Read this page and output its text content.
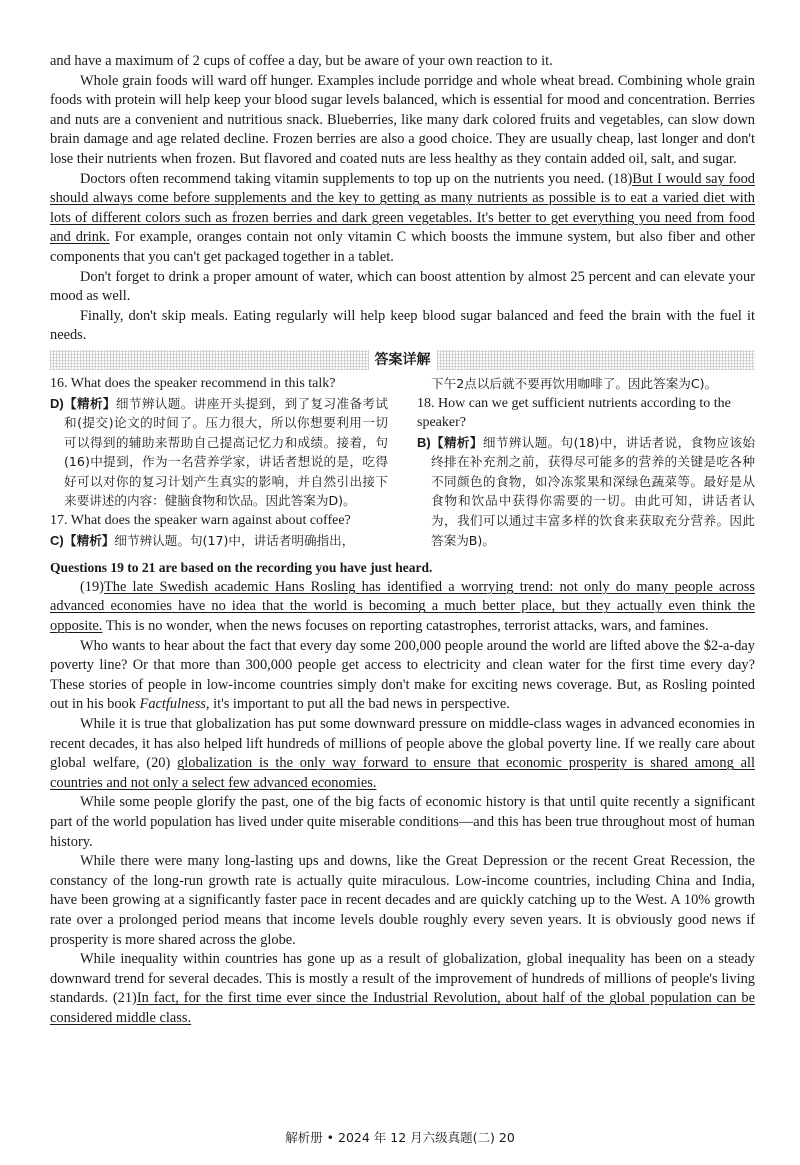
and have a maximum of 2 cups of coffee a day, but be aware of your own reaction to it.

Whole grain foods will ward off hunger. Examples include porridge and whole wheat bread. Combining whole grain foods with protein will help keep your blood sugar levels balanced, which is essential for mood and concentration. Berries and nuts are a convenient and nutritious snack. Blueberries, like many dark colored fruits and vegetables, can slow down brain damage and age related decline. Frozen berries are also a good choice. They are usually cheap, last longer and don't lose their nutrients when frozen. But flavored and coated nuts are less healthy as they contain added oil, salt, and sugar.

Doctors often recommend taking vitamin supplements to top up on the nutrients you need. (18)But I would say food should always come before supplements and the key to getting as many nutrients as possible is to eat a varied diet with lots of different colors such as frozen berries and dark green vegetables. It's better to get everything you need from food and drink. For example, oranges contain not only vitamin C which boosts the immune system, but also fiber and other components that you can't get packaged together in a tablet.

Don't forget to drink a proper amount of water, which can boost attention by almost 25 percent and can elevate your mood as well.

Finally, don't skip meals. Eating regularly will help keep blood sugar balanced and feed the brain with the fuel it needs.

答案详解
16. What does the speaker recommend in this talk?
D) 【精析】细节辨认题。讲座开头提到，到了复习准备考试和(提交)论文的时间了。压力很大，所以你想要利用一切可以得到的辅助来帮助自己提高记忆力和成绩。接着，句(16)中提到，作为一名营养学家，讲话者想说的是，吃得好可以对你的复习计划产生真实的影响，并自然引出接下来要讲述的内容：健脑食物和饮品。因此答案为D)。
17. What does the speaker warn against about coffee?
C) 【精析】细节辨认题。句(17)中，讲话者明确指出，
下午2点以后就不要再饮用咖啡了。因此答案为C)。
18. How can we get sufficient nutrients according to the speaker?
B) 【精析】细节辨认题。句(18)中，讲话者说，食物应该始终排在补充剂之前，获得尽可能多的营养的关键是吃各种不同颜色的食物，如冷冻浆果和深绿色蔬菜等。最好是从食物和饮品中获得你需要的一切。由此可知，讲话者认为，我们可以通过丰富多样的饮食来获取充分营养。因此答案为B)。
Questions 19 to 21 are based on the recording you have just heard.

(19)The late Swedish academic Hans Rosling has identified a worrying trend: not only do many people across advanced economies have no idea that the world is becoming a much better place, but they actually even think the opposite. This is no wonder, when the news focuses on reporting catastrophes, terrorist attacks, wars, and famines.

Who wants to hear about the fact that every day some 200,000 people around the world are lifted above the $2-a-day poverty line? Or that more than 300,000 people get access to electricity and clean water for the first time every day? These stories of people in low-income countries simply don't make for exciting news coverage. But, as Rosling pointed out in his book Factfulness, it's important to put all the bad news in perspective.

While it is true that globalization has put some downward pressure on middle-class wages in advanced economies in recent decades, it has also helped lift hundreds of millions of people above the global poverty line. If we really care about global welfare, (20) globalization is the only way forward to ensure that economic prosperity is shared among all countries and not only a select few advanced economies.

While some people glorify the past, one of the big facts of economic history is that until quite recently a significant part of the world population has lived under quite miserable conditions—and this has been true throughout most of human history.

While there were many long-lasting ups and downs, like the Great Depression or the recent Great Recession, the constancy of the long-run growth rate is actually quite miraculous. Low-income countries, including China and India, have been growing at a significantly faster pace in recent decades and are quickly catching up to the West. A 10% growth rate over a prolonged period means that income levels double roughly every seven years. It is obviously good news if prosperity is more shared across the globe.

While inequality within countries has gone up as a result of globalization, global inequality has been on a steady downward trend for several decades. This is mostly a result of the improvement of hundreds of millions of people's living standards. (21)In fact, for the first time ever since the Industrial Revolution, about half of the global population can be considered middle class.

解析册 • 2024 年 12 月六级真题(二) 20
